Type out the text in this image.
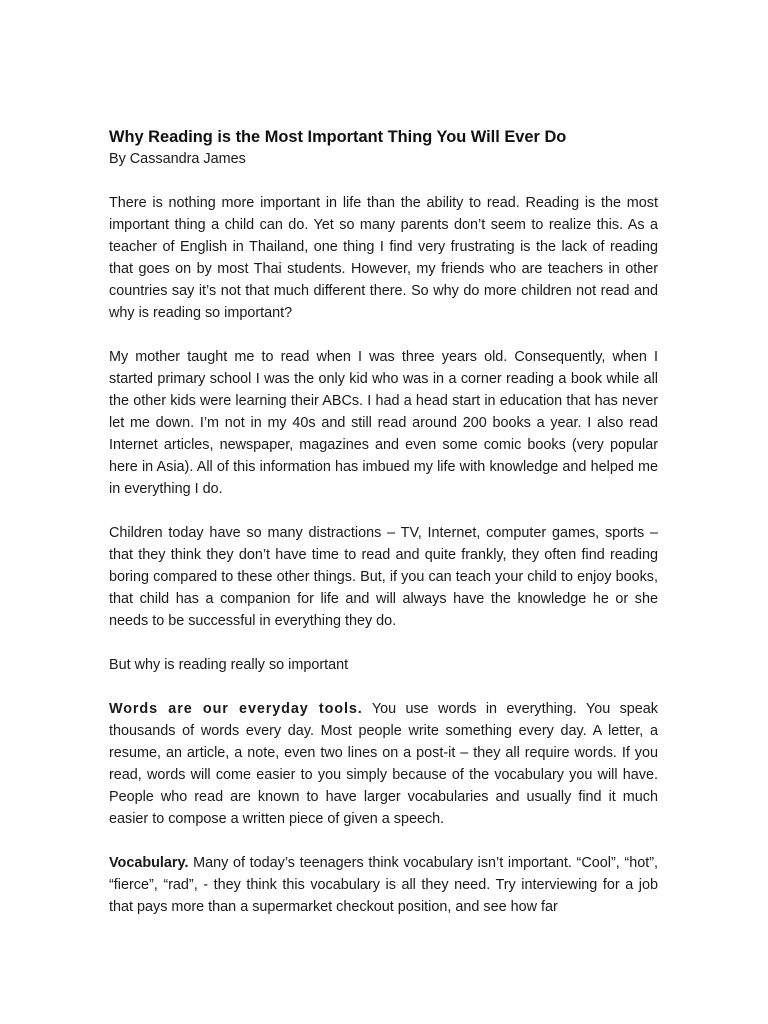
Why Reading is the Most Important Thing You Will Ever Do

By Cassandra James

There is nothing more important in life than the ability to read. Reading is the most important thing a child can do. Yet so many parents don’t seem to realize this. As a teacher of English in Thailand, one thing I find very frustrating is the lack of reading that goes on by most Thai students. However, my friends who are teachers in other countries say it’s not that much different there. So why do more children not read and why is reading so important?

My mother taught me to read when I was three years old. Consequently, when I started primary school I was the only kid who was in a corner reading a book while all the other kids were learning their ABCs. I had a head start in education that has never let me down. I’m not in my 40s and still read around 200 books a year. I also read Internet articles, newspaper, magazines and even some comic books (very popular here in Asia). All of this information has imbued my life with knowledge and helped me in everything I do.

Children today have so many distractions – TV, Internet, computer games, sports – that they think they don’t have time to read and quite frankly, they often find reading boring compared to these other things. But, if you can teach your child to enjoy books, that child has a companion for life and will always have the knowledge he or she needs to be successful in everything they do.

But why is reading really so important

Words are our everyday tools. You use words in everything. You speak thousands of words every day. Most people write something every day. A letter, a resume, an article, a note, even two lines on a post-it – they all require words. If you read, words will come easier to you simply because of the vocabulary you will have. People who read are known to have larger vocabularies and usually find it much easier to compose a written piece of given a speech.

Vocabulary. Many of today’s teenagers think vocabulary isn’t important. “Cool”, “hot”, “fierce”, “rad”, - they think this vocabulary is all they need. Try interviewing for a job that pays more than a supermarket checkout position, and see how far
